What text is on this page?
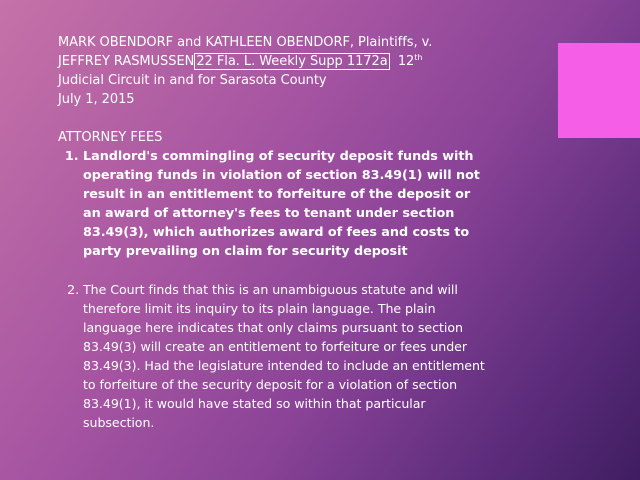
MARK OBENDORF and KATHLEEN OBENDORF, Plaintiffs, v.

JEFFREY RASMUSSEN 22 Fla. L. Weekly Supp 1172a 12th

Judicial Circuit in and for Sarasota County

July 1, 2015

ATTORNEY FEES

1. Landlord's commingling of security deposit funds with operating funds in violation of section 83.49(1) will not result in an entitlement to forfeiture of the deposit or an award of attorney's fees to tenant under section 83.49(3), which authorizes award of fees and costs to party prevailing on claim for security deposit
2. The Court finds that this is an unambiguous statute and will therefore limit its inquiry to its plain language. The plain language here indicates that only claims pursuant to section 83.49(3) will create an entitlement to forfeiture or fees under 83.49(3). Had the legislature intended to include an entitlement to forfeiture of the security deposit for a violation of section 83.49(1), it would have stated so within that particular subsection.
